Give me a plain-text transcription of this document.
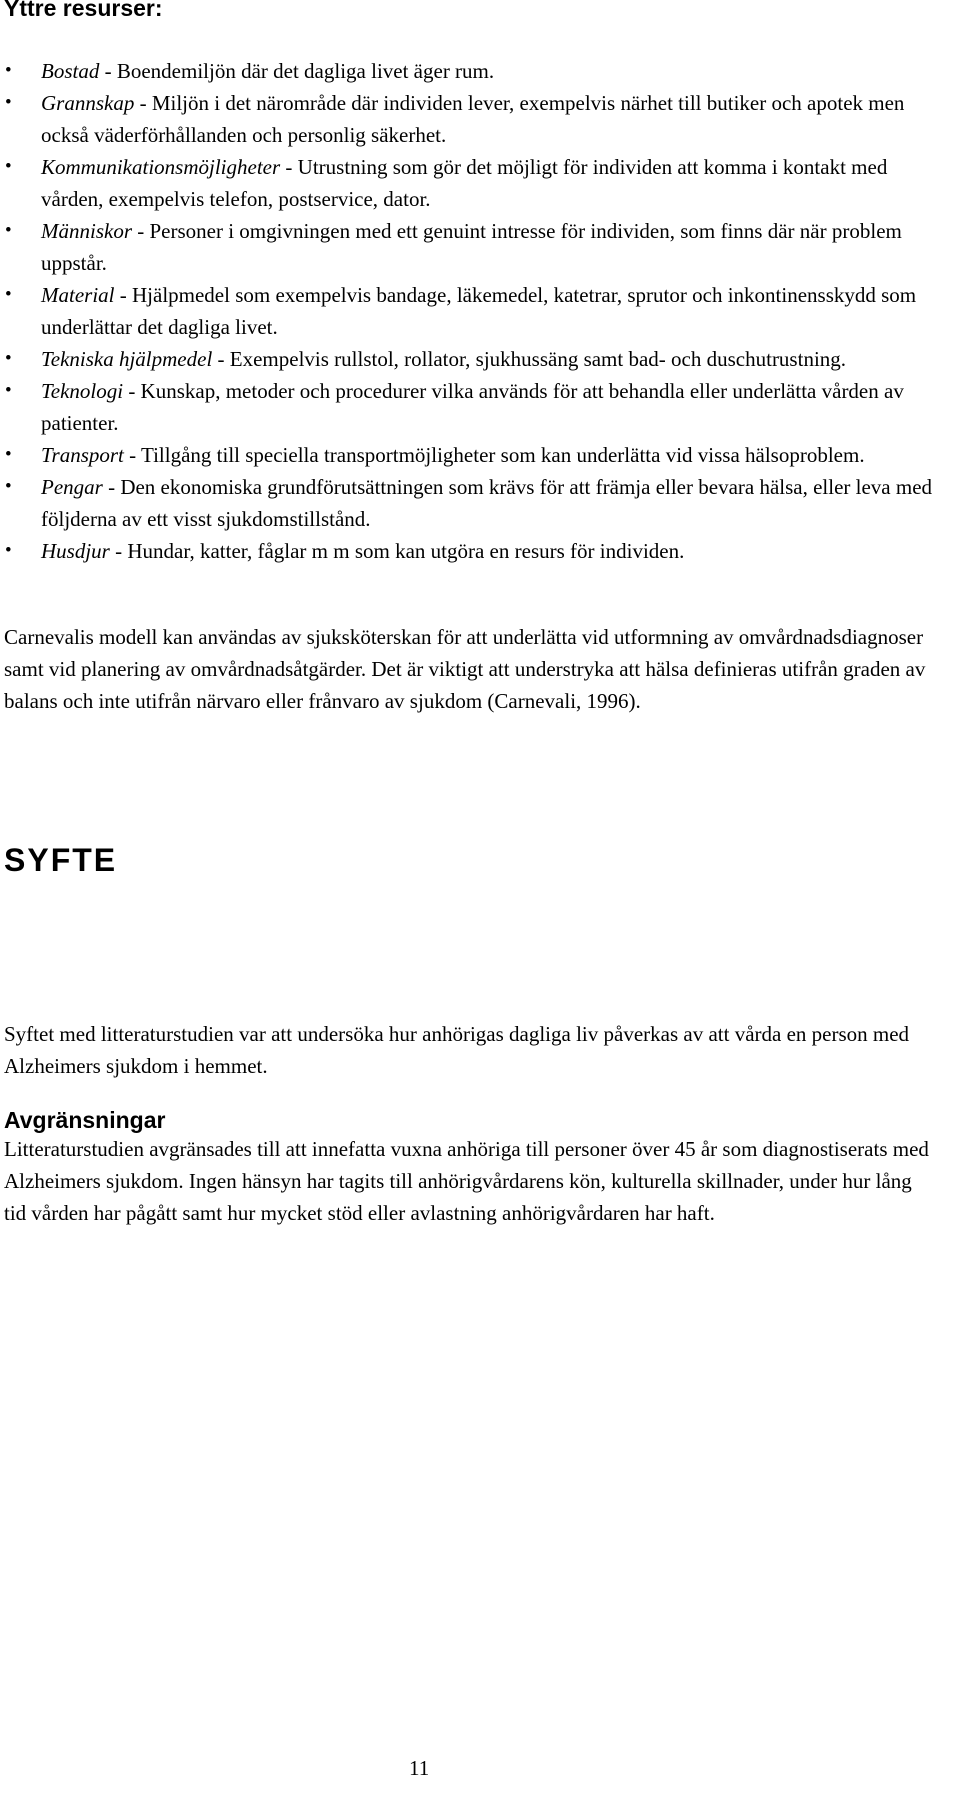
Yttre resurser:
• Bostad - Boendemiljön där det dagliga livet äger rum.
• Grannskap - Miljön i det närområde där individen lever, exempelvis närhet till butiker och apotek men också väderförhållanden och personlig säkerhet.
• Kommunikationsmöjligheter - Utrustning som gör det möjligt för individen att komma i kontakt med vården, exempelvis telefon, postservice, dator.
• Människor - Personer i omgivningen med ett genuint intresse för individen, som finns där när problem uppstår.
• Material - Hjälpmedel som exempelvis bandage, läkemedel, katetrar, sprutor och inkontinensskydd som underlättar det dagliga livet.
• Tekniska hjälpmedel - Exempelvis rullstol, rollator, sjukhussäng samt bad- och duschutrustning.
• Teknologi - Kunskap, metoder och procedurer vilka används för att behandla eller underlätta vården av patienter.
• Transport - Tillgång till speciella transportmöjligheter som kan underlätta vid vissa hälsoproblem.
• Pengar - Den ekonomiska grundförutsättningen som krävs för att främja eller bevara hälsa, eller leva med följderna av ett visst sjukdomstillstånd.
• Husdjur - Hundar, katter, fåglar m m som kan utgöra en resurs för individen.

Carnevalis modell kan användas av sjuksköterskan för att underlätta vid utformning av omvårdnadsdiagnoser samt vid planering av omvårdnadsåtgärder. Det är viktigt att understryka att hälsa definieras utifrån graden av balans och inte utifrån närvaro eller frånvaro av sjukdom (Carnevali, 1996).

SYFTE

Syftet med litteraturstudien var att undersöka hur anhörigas dagliga liv påverkas av att vårda en person med Alzheimers sjukdom i hemmet.

Avgränsningar

Litteraturstudien avgränsades till att innefatta vuxna anhöriga till personer över 45 år som diagnostiserats med Alzheimers sjukdom. Ingen hänsyn har tagits till anhörigvårdarens kön, kulturella skillnader, under hur lång tid vården har pågått samt hur mycket stöd eller avlastning anhörigvårdaren har haft.

11
